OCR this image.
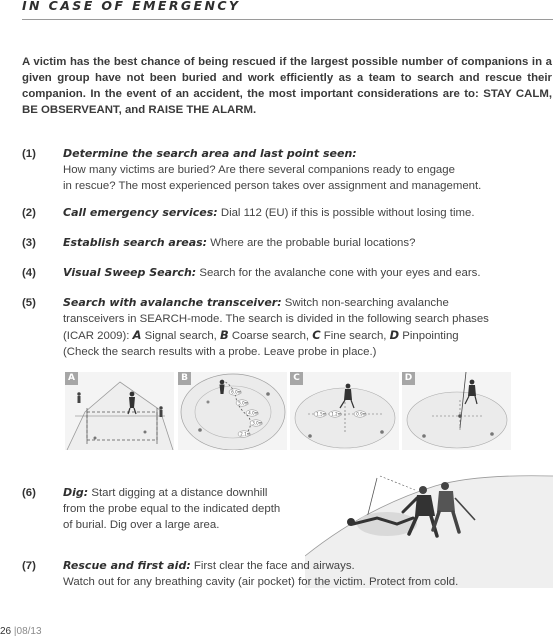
IN CASE OF EMERGENCY

A victim has the best chance of being rescued if the largest possible number of companions in a given group have not been buried and work efficiently as a team to search and rescue their companion. In the event of an accident, the most important considerations are to: STAY CALM, BE OBSERVEANT, and RAISE THE ALARM.

(1) Determine the search area and last point seen:
How many victims are buried? Are there several companions ready to engage
in rescue? The most experienced person takes over assignment and management.
(2) Call emergency services: Dial 112 (EU) if this is possible without losing time.
(3) Establish search areas: Where are the probable burial locations?
(4) Visual Sweep Search: Search for the avalanche cone with your eyes and ears.
(5) Search with avalanche transceiver: Switch non-searching avalanche
transceivers in SEARCH-mode. The search is divided in the following search phases
(ICAR 2009): A Signal search, B Coarse search, C Fine search, D Pinpointing
(Check the search results with a probe. Leave probe in place.)
A
6.0m
5.0m
4.0m
3.0m
2.1m
B
1.5m 1.2m	0.9m
C	D
(6) Dig: Start digging at a distance downhill
from the probe equal to the indicated depth
of burial. Dig over a large area.
(7) Rescue and first aid: First clear the face and airways.
Watch out for any breathing cavity (air pocket) for the victim. Protect from cold.
26 |08/13
